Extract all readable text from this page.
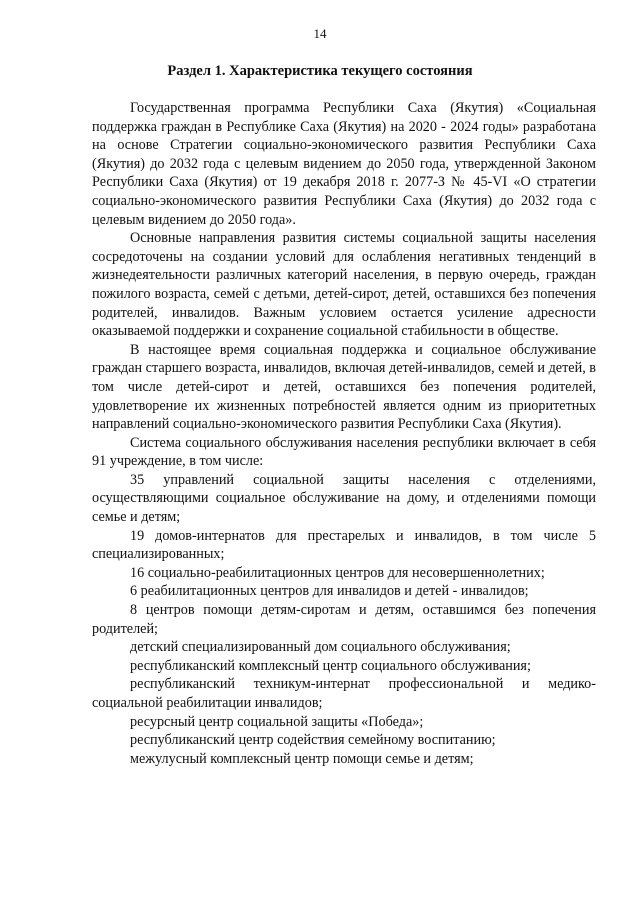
14
Раздел 1. Характеристика текущего состояния

Государственная программа Республики Саха (Якутия) «Социальная поддержка граждан в Республике Саха (Якутия) на 2020 - 2024 годы» разработана на основе Стратегии социально-экономического развития Республики Саха (Якутия) до 2032 года с целевым видением до 2050 года, утвержденной Законом Республики Саха (Якутия) от 19 декабря 2018 г. 2077-З № 45-VI «О стратегии социально-экономического развития Республики Саха (Якутия) до 2032 года с целевым видением до 2050 года».

Основные направления развития системы социальной защиты населения сосредоточены на создании условий для ослабления негативных тенденций в жизнедеятельности различных категорий населения, в первую очередь, граждан пожилого возраста, семей с детьми, детей-сирот, детей, оставшихся без попечения родителей, инвалидов. Важным условием остается усиление адресности оказываемой поддержки и сохранение социальной стабильности в обществе.

В настоящее время социальная поддержка и социальное обслуживание граждан старшего возраста, инвалидов, включая детей-инвалидов, семей и детей, в том числе детей-сирот и детей, оставшихся без попечения родителей, удовлетворение их жизненных потребностей является одним из приоритетных направлений социально-экономического развития Республики Саха (Якутия).

Система социального обслуживания населения республики включает в себя 91 учреждение, в том числе:

35 управлений социальной защиты населения с отделениями, осуществляющими социальное обслуживание на дому, и отделениями помощи семье и детям;

19 домов-интернатов для престарелых и инвалидов, в том числе 5 специализированных;

16 социально-реабилитационных центров для несовершеннолетних;

6 реабилитационных центров для инвалидов и детей - инвалидов;

8 центров помощи детям-сиротам и детям, оставшимся без попечения родителей;

детский специализированный дом социального обслуживания;

республиканский комплексный центр социального обслуживания;

республиканский техникум-интернат профессиональной и медико-социальной реабилитации инвалидов;

ресурсный центр социальной защиты «Победа»;

республиканский центр содействия семейному воспитанию;

межулусный комплексный центр помощи семье и детям;
